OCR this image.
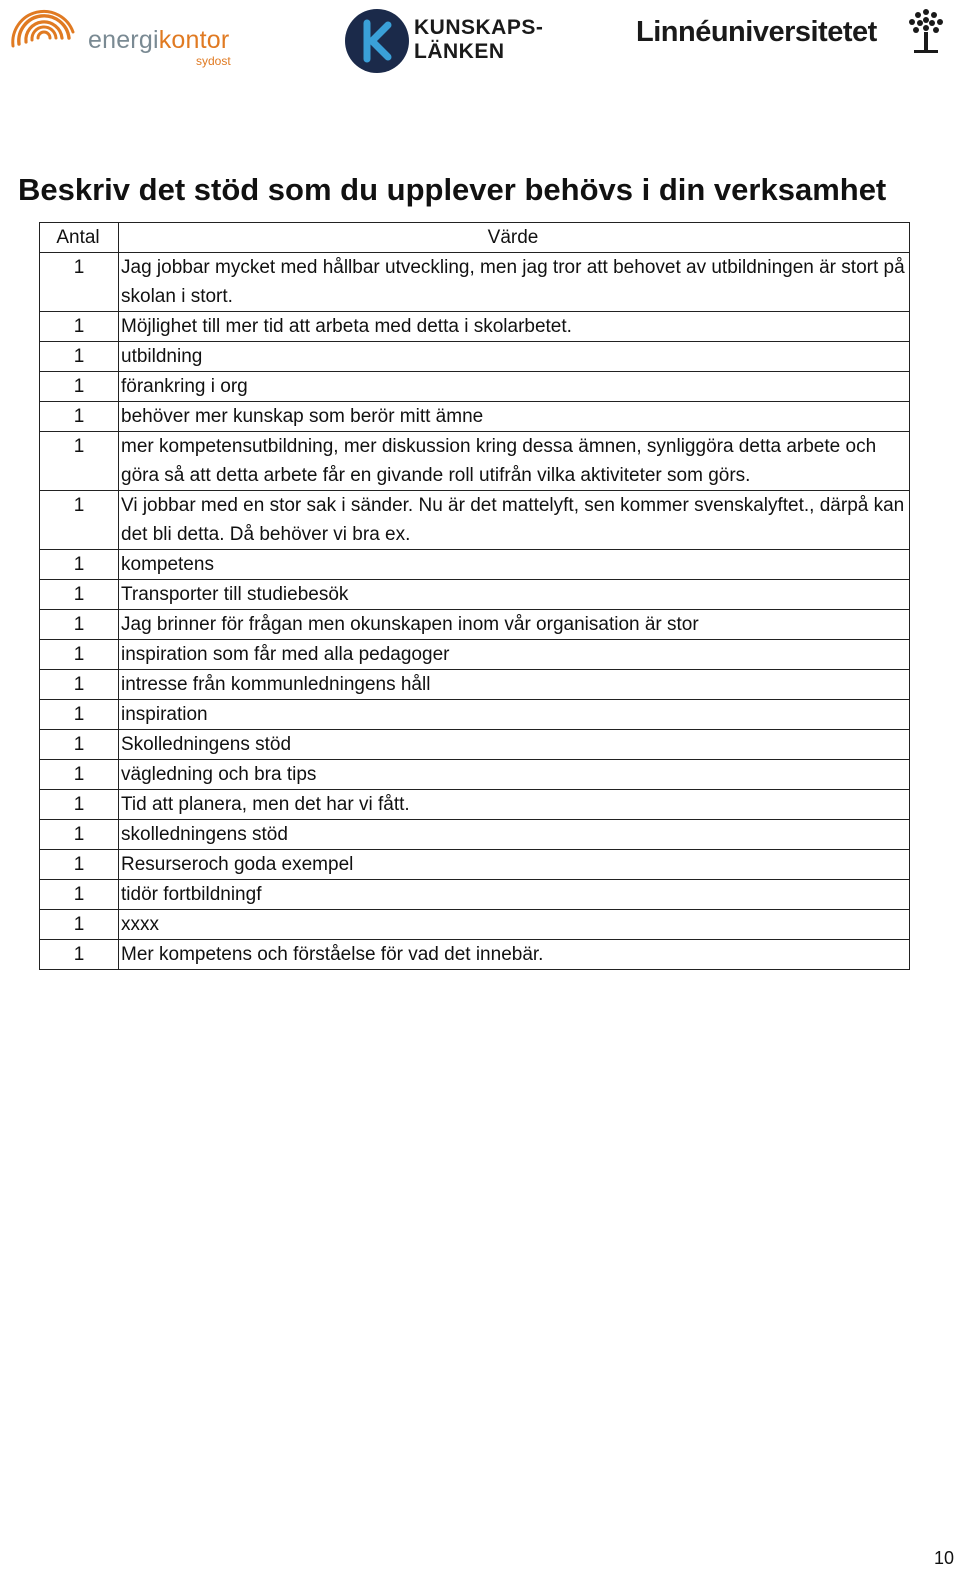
energikontor
sydost
KUNSKAPS-
LÄNKEN
Linnéuniversitetet
Beskriv det stöd som du upplever behövs i din verksamhet
Antal	Värde
1	Jag jobbar mycket med hållbar utveckling, men jag tror att behovet av utbildningen är stort på skolan i stort.
1	Möjlighet till mer tid att arbeta med detta i skolarbetet.
1	utbildning
1	förankring i org
1	behöver mer kunskap som berör mitt ämne
1	mer kompetensutbildning, mer diskussion kring dessa ämnen, synliggöra detta arbete och göra så att detta arbete får en givande roll utifrån vilka aktiviteter som görs.
1	Vi jobbar med en stor sak i sänder. Nu är det mattelyft, sen kommer svenskalyftet., därpå kan det bli detta. Då behöver vi bra ex.
1	kompetens
1	Transporter till studiebesök
1	Jag brinner för frågan men okunskapen inom vår organisation är stor
1	inspiration som får med alla pedagoger
1	intresse från kommunledningens håll
1	inspiration
1	Skolledningens stöd
1	vägledning och bra tips
1	Tid att planera, men det har vi fått.
1	skolledningens stöd
1	Resurseroch goda exempel
1	tidör fortbildningf
1	xxxx
1	Mer kompetens och förståelse för vad det innebär.
10
